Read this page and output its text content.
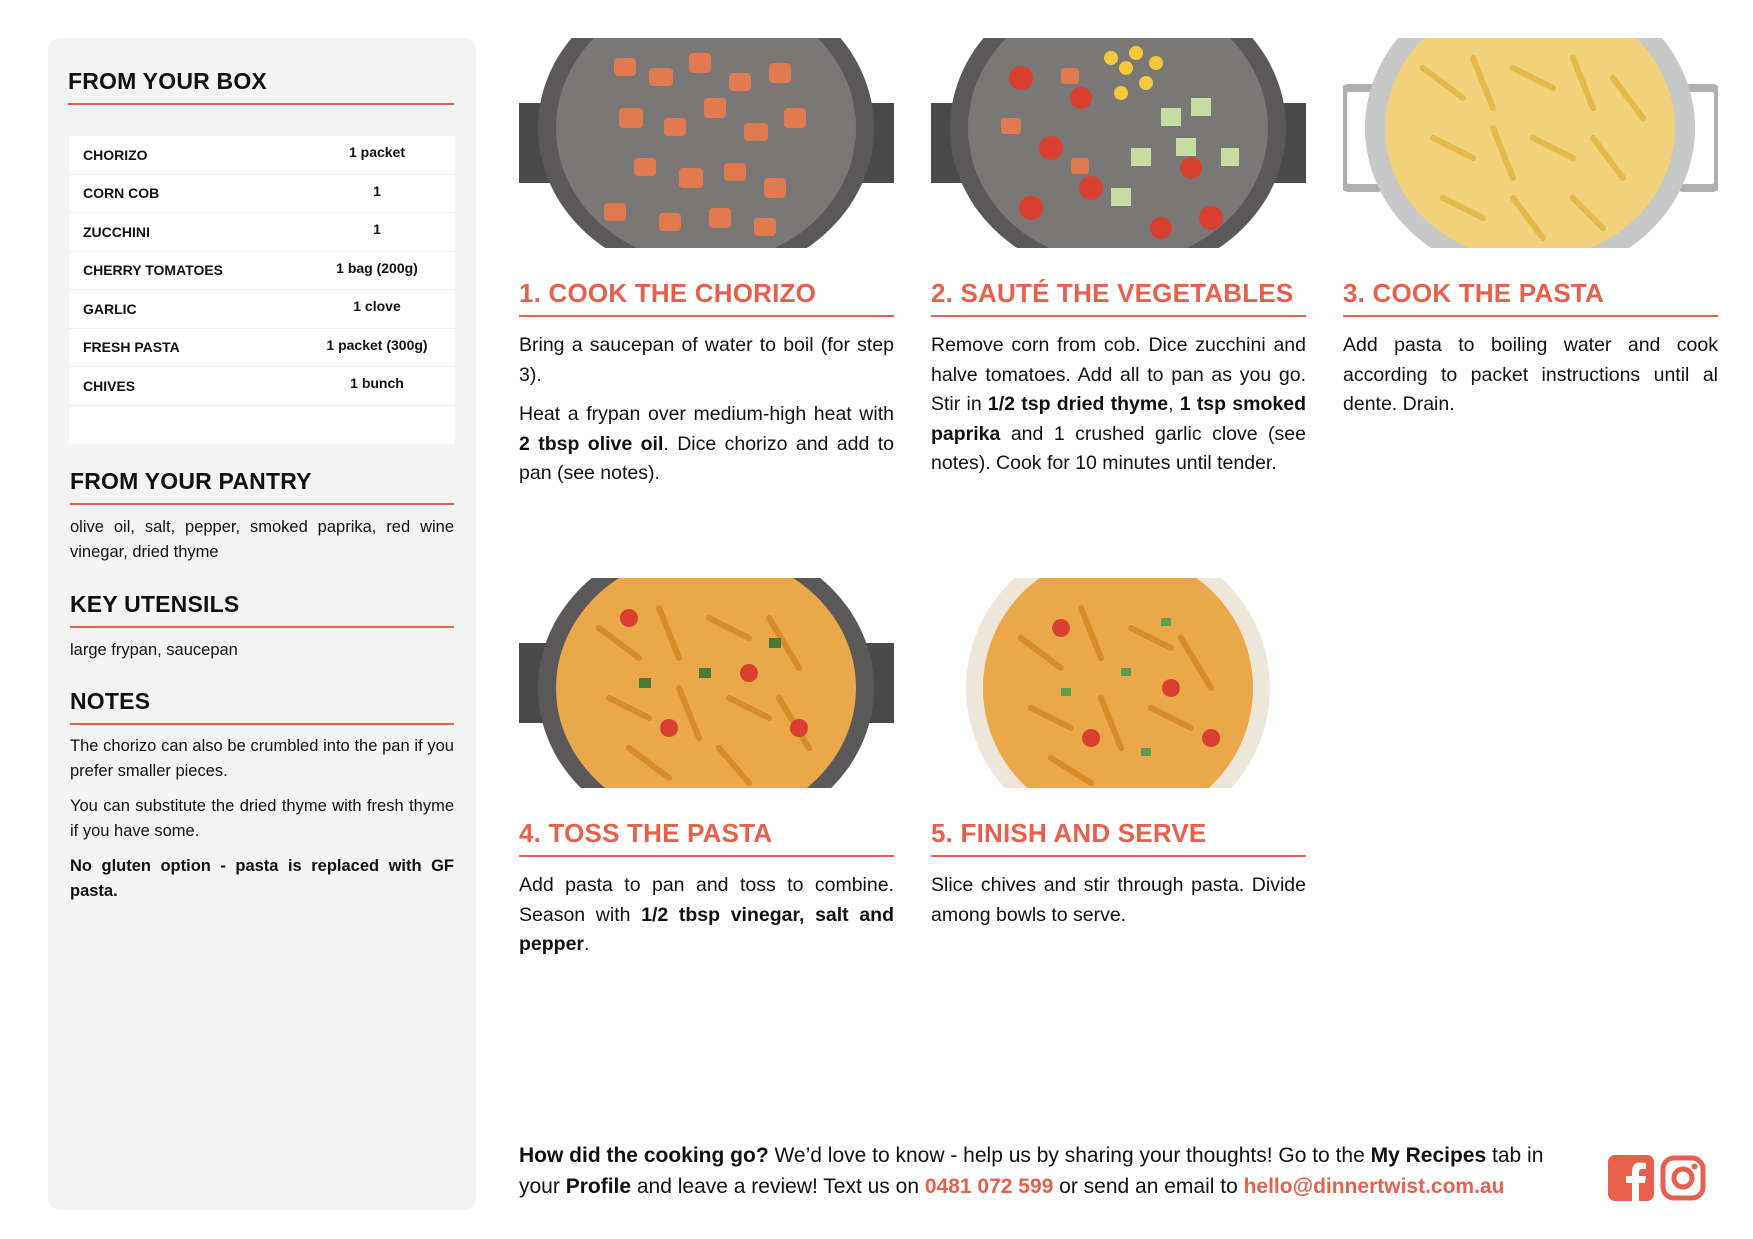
FROM YOUR BOX
CHORIZO	1 packet
CORN COB	1
ZUCCHINI	1
CHERRY TOMATOES	1 bag (200g)
GARLIC	1 clove
FRESH PASTA	1 packet (300g)
CHIVES	1 bunch
FROM YOUR PANTRY
olive oil, salt, pepper, smoked paprika, red wine vinegar, dried thyme
KEY UTENSILS
large frypan, saucepan
NOTES

The chorizo can also be crumbled into the pan if you prefer smaller pieces.

You can substitute the dried thyme with fresh thyme if you have some.

No gluten option - pasta is replaced with GF pasta.

1. COOK THE CHORIZO

Bring a saucepan of water to boil (for step 3).

Heat a frypan over medium-high heat with 2 tbsp olive oil. Dice chorizo and add to pan (see notes).

2. SAUTÉ THE VEGETABLES

Remove corn from cob. Dice zucchini and halve tomatoes. Add all to pan as you go. Stir in 1/2 tsp dried thyme, 1 tsp smoked paprika and 1 crushed garlic clove (see notes). Cook for 10 minutes until tender.

3. COOK THE PASTA

Add pasta to boiling water and cook according to packet instructions until al dente. Drain.

4. TOSS THE PASTA

Add pasta to pan and toss to combine. Season with 1/2 tbsp vinegar, salt and pepper.

5. FINISH AND SERVE

Slice chives and stir through pasta. Divide among bowls to serve.

How did the cooking go? We’d love to know - help us by sharing your thoughts! Go to the My Recipes tab in your Profile and leave a review! Text us on 0481 072 599 or send an email to hello@dinnertwist.com.au
